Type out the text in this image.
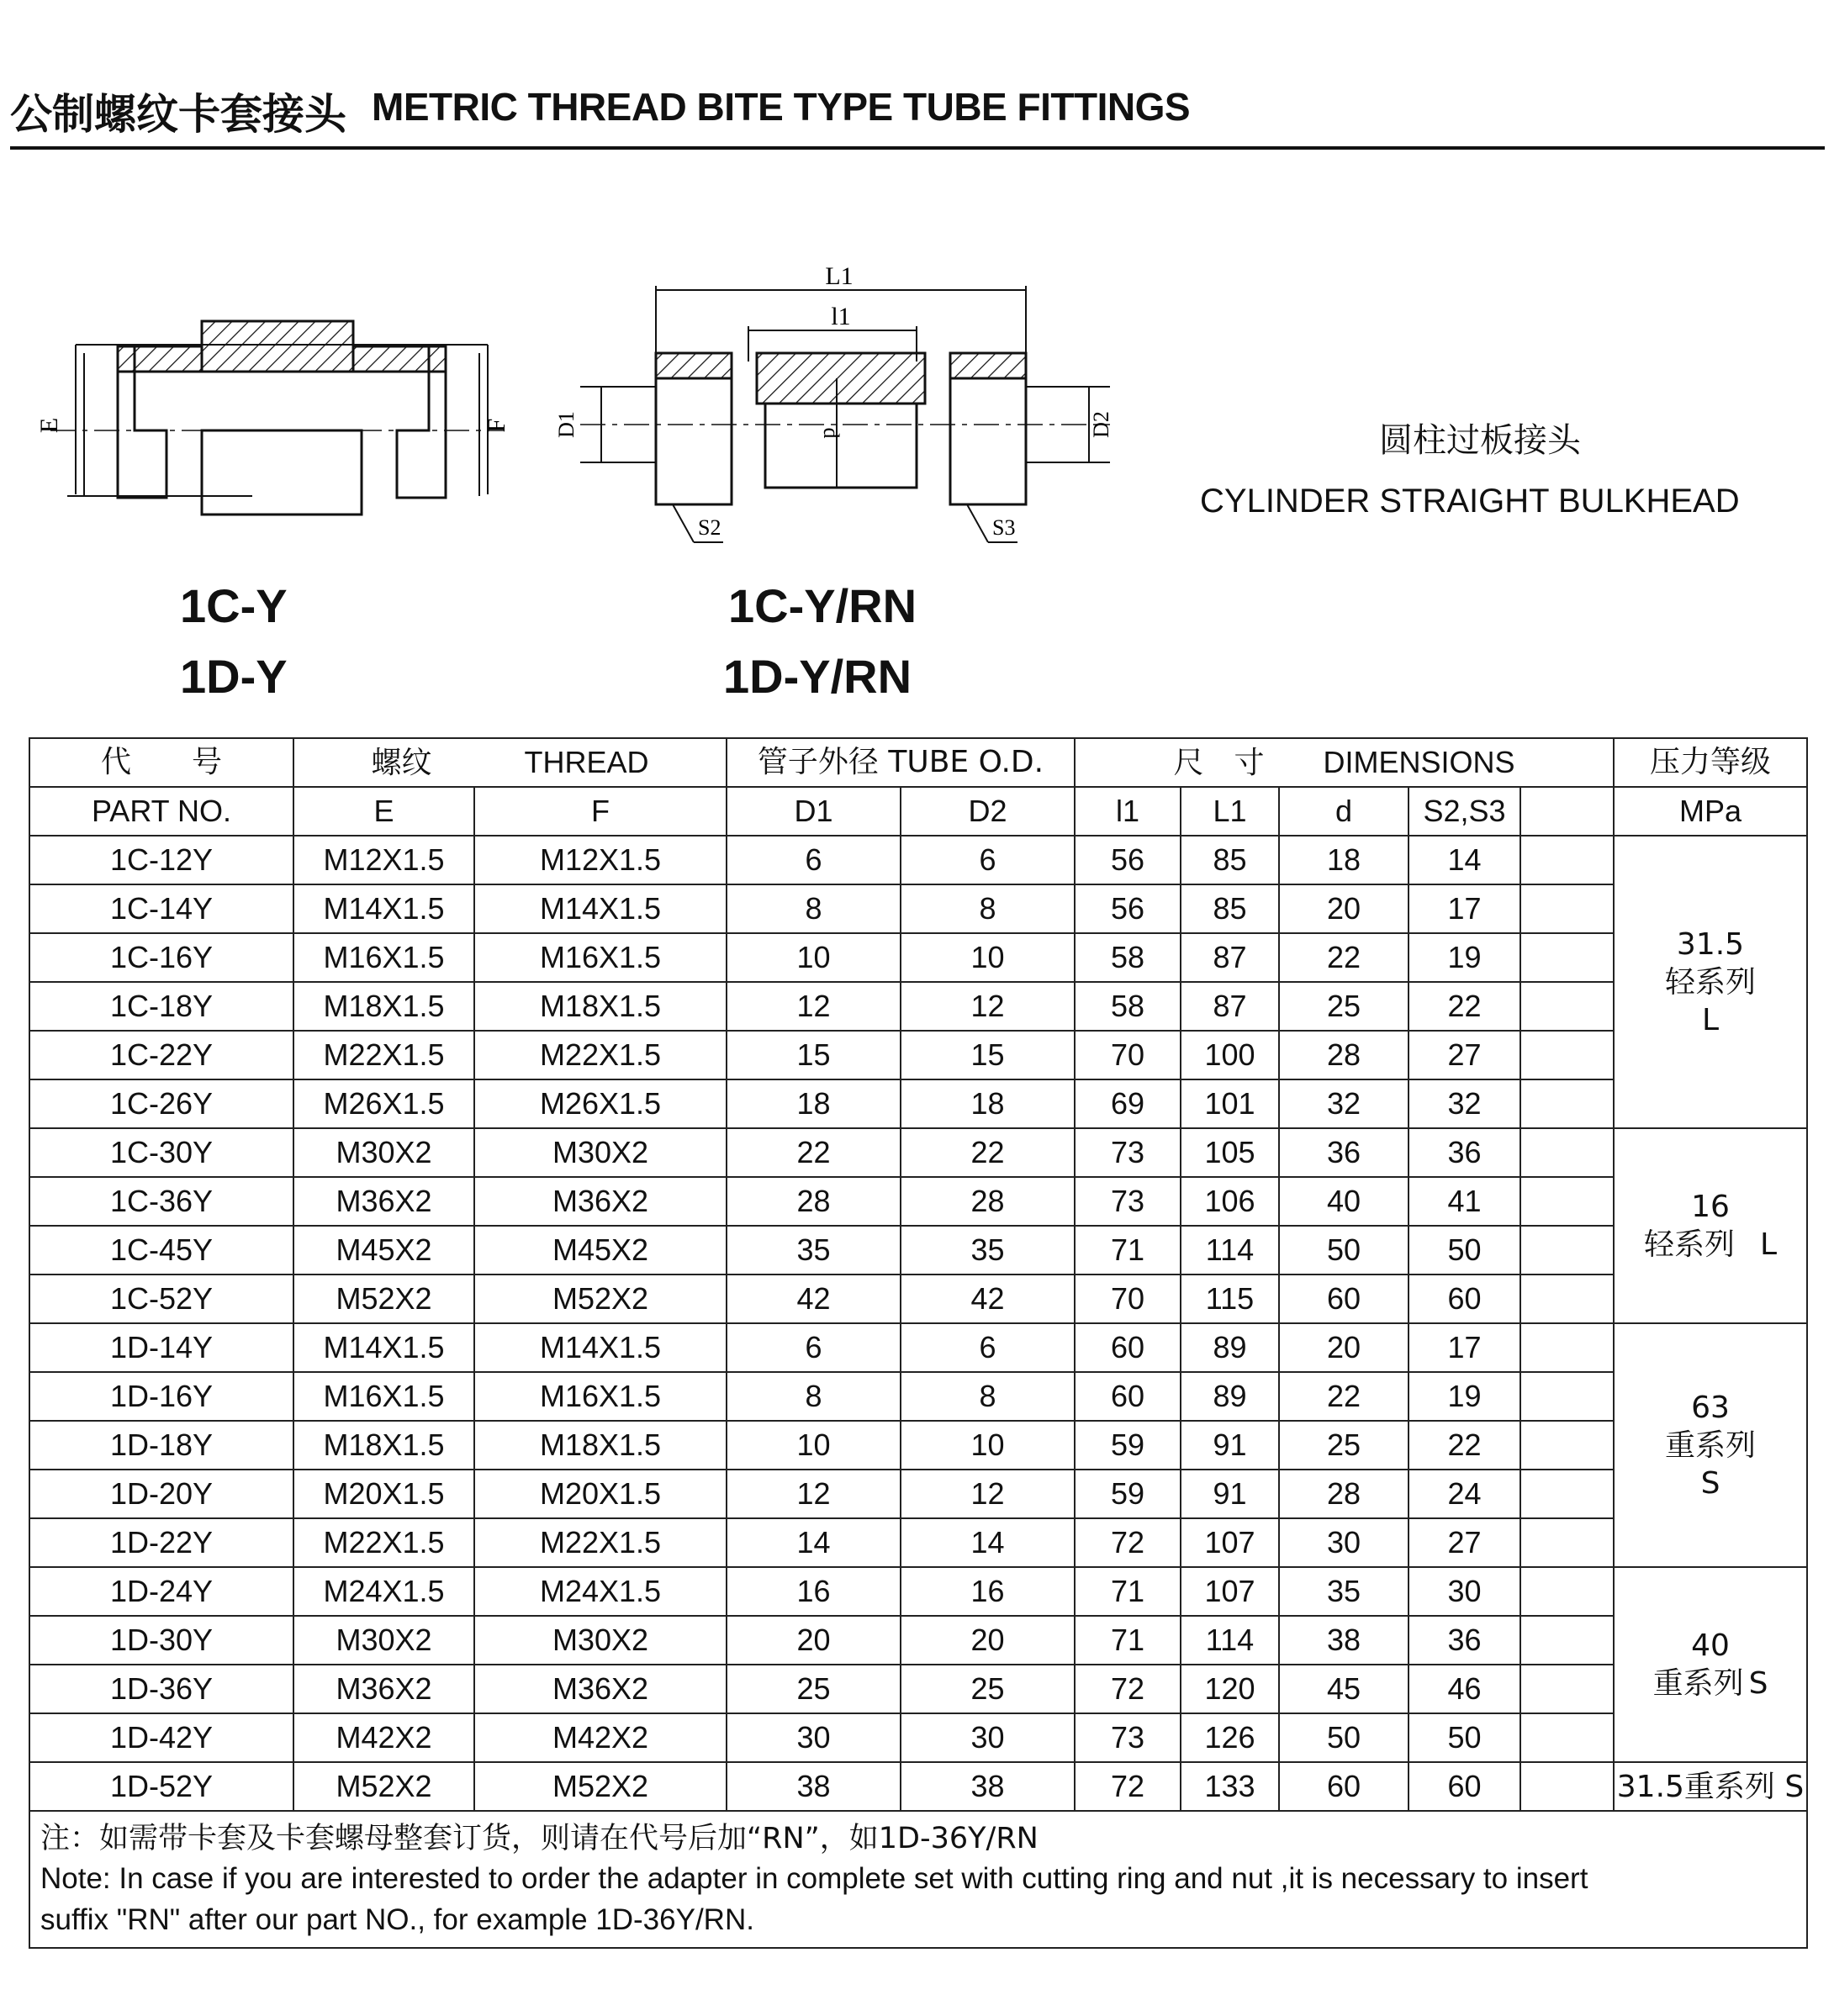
公制螺纹卡套接头 METRIC THREAD BITE TYPE TUBE FITTINGS
E	F
L1
l1
D1	d	D2
S2	S3
1C-Y
1D-Y
1C-Y/RN
1D-Y/RN
圆柱过板接头
CYLINDER STRAIGHT BULKHEAD
代　　号	螺纹 THREAD		管子外径 TUBE O.D.		尺　寸 DIMENSIONS					压力等级
PART NO.	E	F	D1	D2	l1	L1	d	S2,S3		MPa
1C-12Y	M12X1.5	M12X1.5	6	6	56	85	18	14		31.5
轻系列
L

1C-14Y	M14X1.5	M14X1.5	8	8	56	85	20	17		
1C-16Y	M16X1.5	M16X1.5	10	10	58	87	22	19		
1C-18Y	M18X1.5	M18X1.5	12	12	58	87	25	22		
1C-22Y	M22X1.5	M22X1.5	15	15	70	100	28	27		
1C-26Y	M26X1.5	M26X1.5	18	18	69	101	32	32		
1C-30Y	M30X2	M30X2	22	22	73	105	36	36		16
轻系列 L

1C-36Y	M36X2	M36X2	28	28	73	106	40	41		
1C-45Y	M45X2	M45X2	35	35	71	114	50	50		
1C-52Y	M52X2	M52X2	42	42	70	115	60	60		
1D-14Y	M14X1.5	M14X1.5	6	6	60	89	20	17		63
重系列
S

1D-16Y	M16X1.5	M16X1.5	8	8	60	89	22	19		
1D-18Y	M18X1.5	M18X1.5	10	10	59	91	25	22		
1D-20Y	M20X1.5	M20X1.5	12	12	59	91	28	24		
1D-22Y	M22X1.5	M22X1.5	14	14	72	107	30	27		
1D-24Y	M24X1.5	M24X1.5	16	16	71	107	35	30		40
重系列 S

1D-30Y	M30X2	M30X2	20	20	71	114	38	36		
1D-36Y	M36X2	M36X2	25	25	72	120	45	46		
1D-42Y	M42X2	M42X2	30	30	73	126	50	50		
1D-52Y	M52X2	M52X2	38	38	72	133	60	60		31.5重系列 S

注：如需带卡套及卡套螺母整套订货，则请在代号后加“RN”，如1D-36Y/RN
Note: In case if you are interested to order the adapter in complete set with cutting ring and nut ,it is necessary to insert
suffix "RN" after our part NO., for example 1D-36Y/RN.										
